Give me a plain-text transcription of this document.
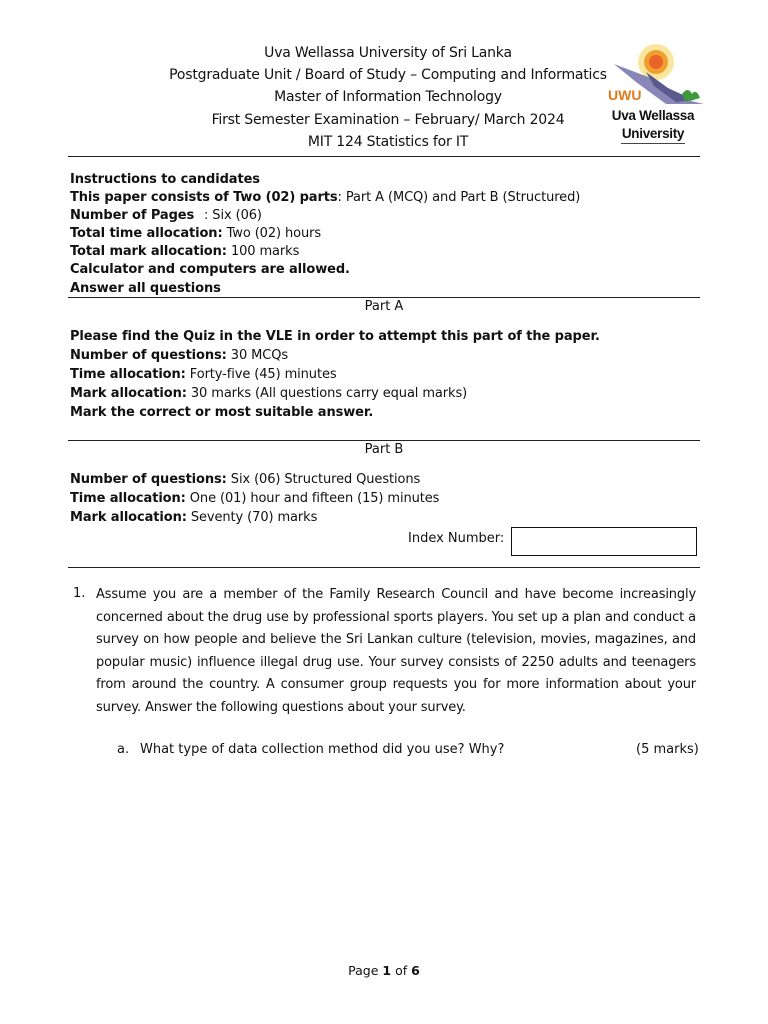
Uva Wellassa University of Sri Lanka
Postgraduate Unit / Board of Study – Computing and Informatics
Master of Information Technology
First Semester Examination – February/ March 2024
MIT 124 Statistics for IT
UWU
Uva Wellassa
University
Instructions to candidates
This paper consists of Two (02) parts: Part A (MCQ) and Part B (Structured)
Number of Pages : Six (06)
Total time allocation: Two (02) hours
Total mark allocation: 100 marks
Calculator and computers are allowed.
Answer all questions
Part A
Please find the Quiz in the VLE in order to attempt this part of the paper.
Number of questions: 30 MCQs
Time allocation: Forty-five (45) minutes
Mark allocation: 30 marks (All questions carry equal marks)
Mark the correct or most suitable answer.
Part B
Number of questions: Six (06) Structured Questions
Time allocation: One (01) hour and fifteen (15) minutes
Mark allocation: Seventy (70) marks
Index Number:
1. Assume you are a member of the Family Research Council and have become increasingly concerned about the drug use by professional sports players. You set up a plan and conduct a survey on how people and believe the Sri Lankan culture (television, movies, magazines, and popular music) influence illegal drug use. Your survey consists of 2250 adults and teenagers from around the country. A consumer group requests you for more information about your survey. Answer the following questions about your survey.
a. What type of data collection method did you use? Why?	(5 marks)
Page 1 of 6
